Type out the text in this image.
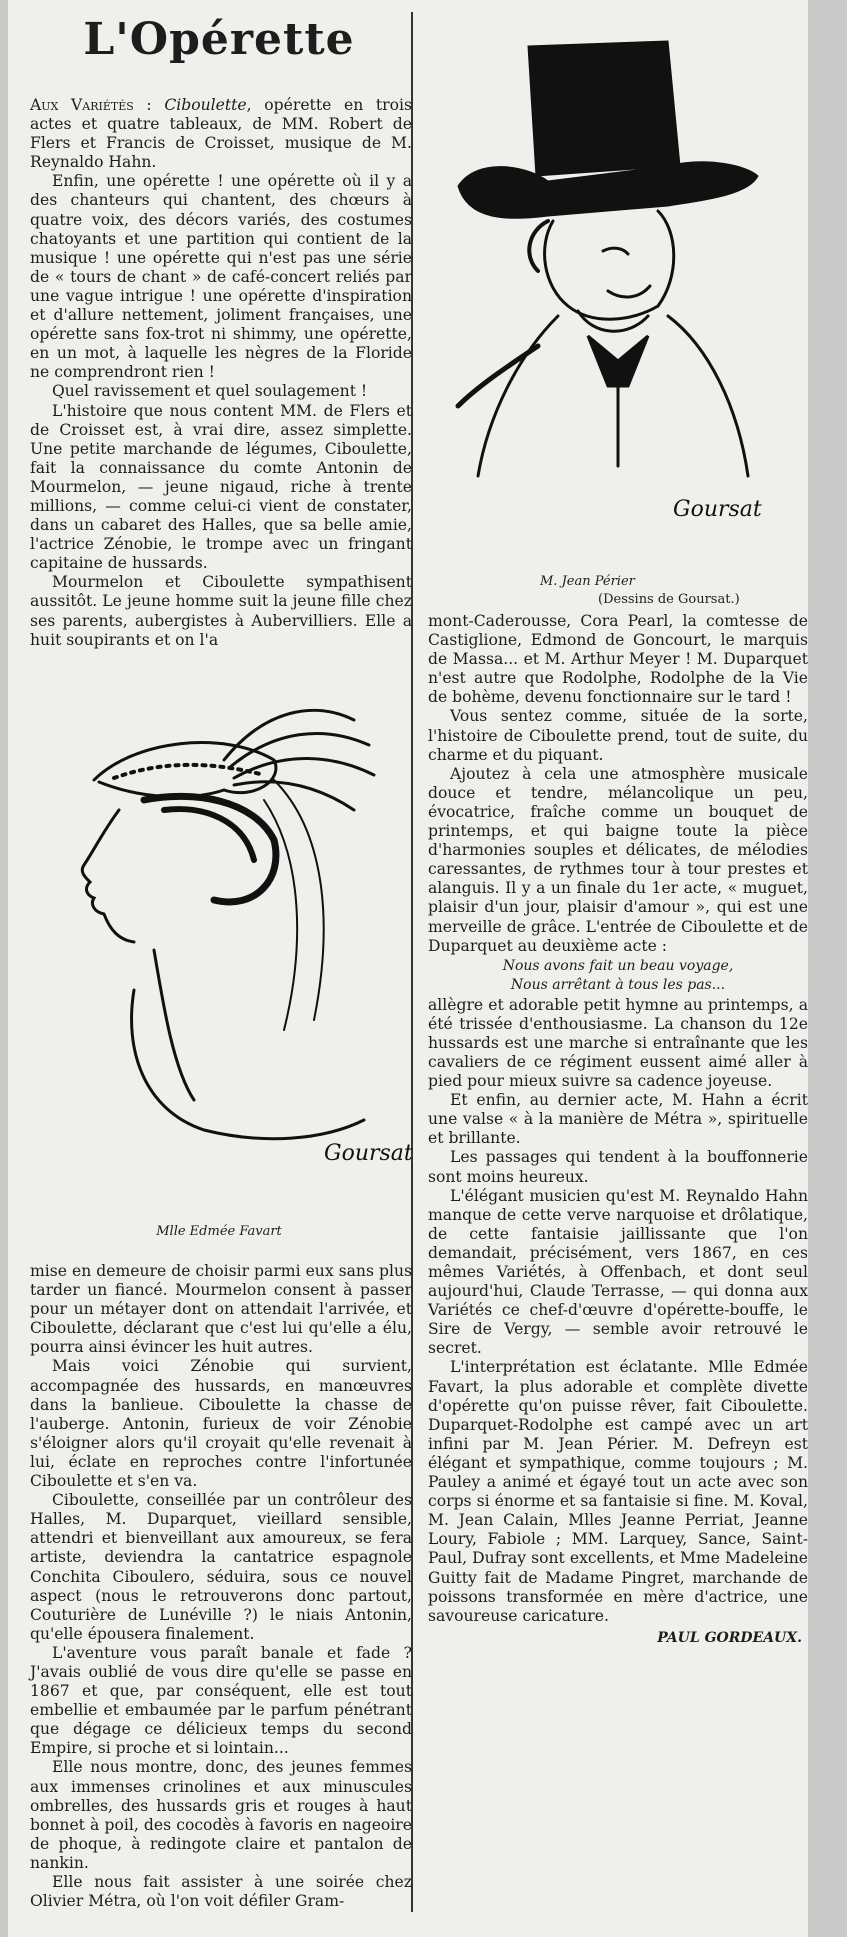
L'Opérette

Aux Variétés : Ciboulette, opérette en trois actes et quatre tableaux, de MM. Robert de Flers et Francis de Croisset, musique de M. Reynaldo Hahn.

Enfin, une opérette ! une opérette où il y a des chanteurs qui chantent, des chœurs à quatre voix, des décors variés, des costumes chatoyants et une partition qui contient de la musique ! une opérette qui n'est pas une série de « tours de chant » de café-concert reliés par une vague intrigue ! une opérette d'inspiration et d'allure nettement, joliment françaises, une opérette sans fox-trot ni shimmy, une opérette, en un mot, à laquelle les nègres de la Floride ne comprendront rien !

Quel ravissement et quel soulagement !

L'histoire que nous content MM. de Flers et de Croisset est, à vrai dire, assez simplette. Une petite marchande de légumes, Ciboulette, fait la connaissance du comte Antonin de Mourmelon, — jeune nigaud, riche à trente millions, — comme celui-ci vient de constater, dans un cabaret des Halles, que sa belle amie, l'actrice Zénobie, le trompe avec un fringant capitaine de hussards.

Mourmelon et Ciboulette sympathisent aussitôt. Le jeune homme suit la jeune fille chez ses parents, aubergistes à Aubervilliers. Elle a huit soupirants et on l'a

Goursat
Mlle Edmée Favart

mise en demeure de choisir parmi eux sans plus tarder un fiancé. Mourmelon consent à passer pour un métayer dont on attendait l'arrivée, et Ciboulette, déclarant que c'est lui qu'elle a élu, pourra ainsi évincer les huit autres.

Mais voici Zénobie qui survient, accompagnée des hussards, en manœuvres dans la banlieue. Ciboulette la chasse de l'auberge. Antonin, furieux de voir Zénobie s'éloigner alors qu'il croyait qu'elle revenait à lui, éclate en reproches contre l'infortunée Ciboulette et s'en va.

Ciboulette, conseillée par un contrôleur des Halles, M. Duparquet, vieillard sensible, attendri et bienveillant aux amoureux, se fera artiste, deviendra la cantatrice espagnole Conchita Ciboulero, séduira, sous ce nouvel aspect (nous le retrouverons donc partout, Couturière de Lunéville ?) le niais Antonin, qu'elle épousera finalement.

L'aventure vous paraît banale et fade ? J'avais oublié de vous dire qu'elle se passe en 1867 et que, par conséquent, elle est tout embellie et embaumée par le parfum pénétrant que dégage ce délicieux temps du second Empire, si proche et si lointain...

Elle nous montre, donc, des jeunes femmes aux immenses crinolines et aux minuscules ombrelles, des hussards gris et rouges à haut bonnet à poil, des cocodès à favoris en nageoire de phoque, à redingote claire et pantalon de nankin.

Elle nous fait assister à une soirée chez Olivier Métra, où l'on voit défiler Gram-

Goursat
M. Jean Périer
(Dessins de Goursat.)

mont-Caderousse, Cora Pearl, la comtesse de Castiglione, Edmond de Goncourt, le marquis de Massa... et M. Arthur Meyer ! M. Duparquet n'est autre que Rodolphe, Rodolphe de la Vie de bohème, devenu fonctionnaire sur le tard !

Vous sentez comme, située de la sorte, l'histoire de Ciboulette prend, tout de suite, du charme et du piquant.

Ajoutez à cela une atmosphère musicale douce et tendre, mélancolique un peu, évocatrice, fraîche comme un bouquet de printemps, et qui baigne toute la pièce d'harmonies souples et délicates, de mélodies caressantes, de rythmes tour à tour prestes et alanguis. Il y a un finale du 1er acte, « muguet, plaisir d'un jour, plaisir d'amour », qui est une merveille de grâce. L'entrée de Ciboulette et de Duparquet au deuxième acte :

Nous avons fait un beau voyage,
Nous arrêtant à tous les pas...

allègre et adorable petit hymne au printemps, a été trissée d'enthousiasme. La chanson du 12e hussards est une marche si entraînante que les cavaliers de ce régiment eussent aimé aller à pied pour mieux suivre sa cadence joyeuse.

Et enfin, au dernier acte, M. Hahn a écrit une valse « à la manière de Métra », spirituelle et brillante.

Les passages qui tendent à la bouffonnerie sont moins heureux.

L'élégant musicien qu'est M. Reynaldo Hahn manque de cette verve narquoise et drôlatique, de cette fantaisie jaillissante que l'on demandait, précisément, vers 1867, en ces mêmes Variétés, à Offenbach, et dont seul aujourd'hui, Claude Terrasse, — qui donna aux Variétés ce chef-d'œuvre d'opérette-bouffe, le Sire de Vergy, — semble avoir retrouvé le secret.

L'interprétation est éclatante. Mlle Edmée Favart, la plus adorable et complète divette d'opérette qu'on puisse rêver, fait Ciboulette. Duparquet-Rodolphe est campé avec un art infini par M. Jean Périer. M. Defreyn est élégant et sympathique, comme toujours ; M. Pauley a animé et égayé tout un acte avec son corps si énorme et sa fantaisie si fine. M. Koval, M. Jean Calain, Mlles Jeanne Perriat, Jeanne Loury, Fabiole ; MM. Larquey, Sance, Saint-Paul, Dufray sont excellents, et Mme Madeleine Guitty fait de Madame Pingret, marchande de poissons transformée en mère d'actrice, une savoureuse caricature.

PAUL GORDEAUX.
